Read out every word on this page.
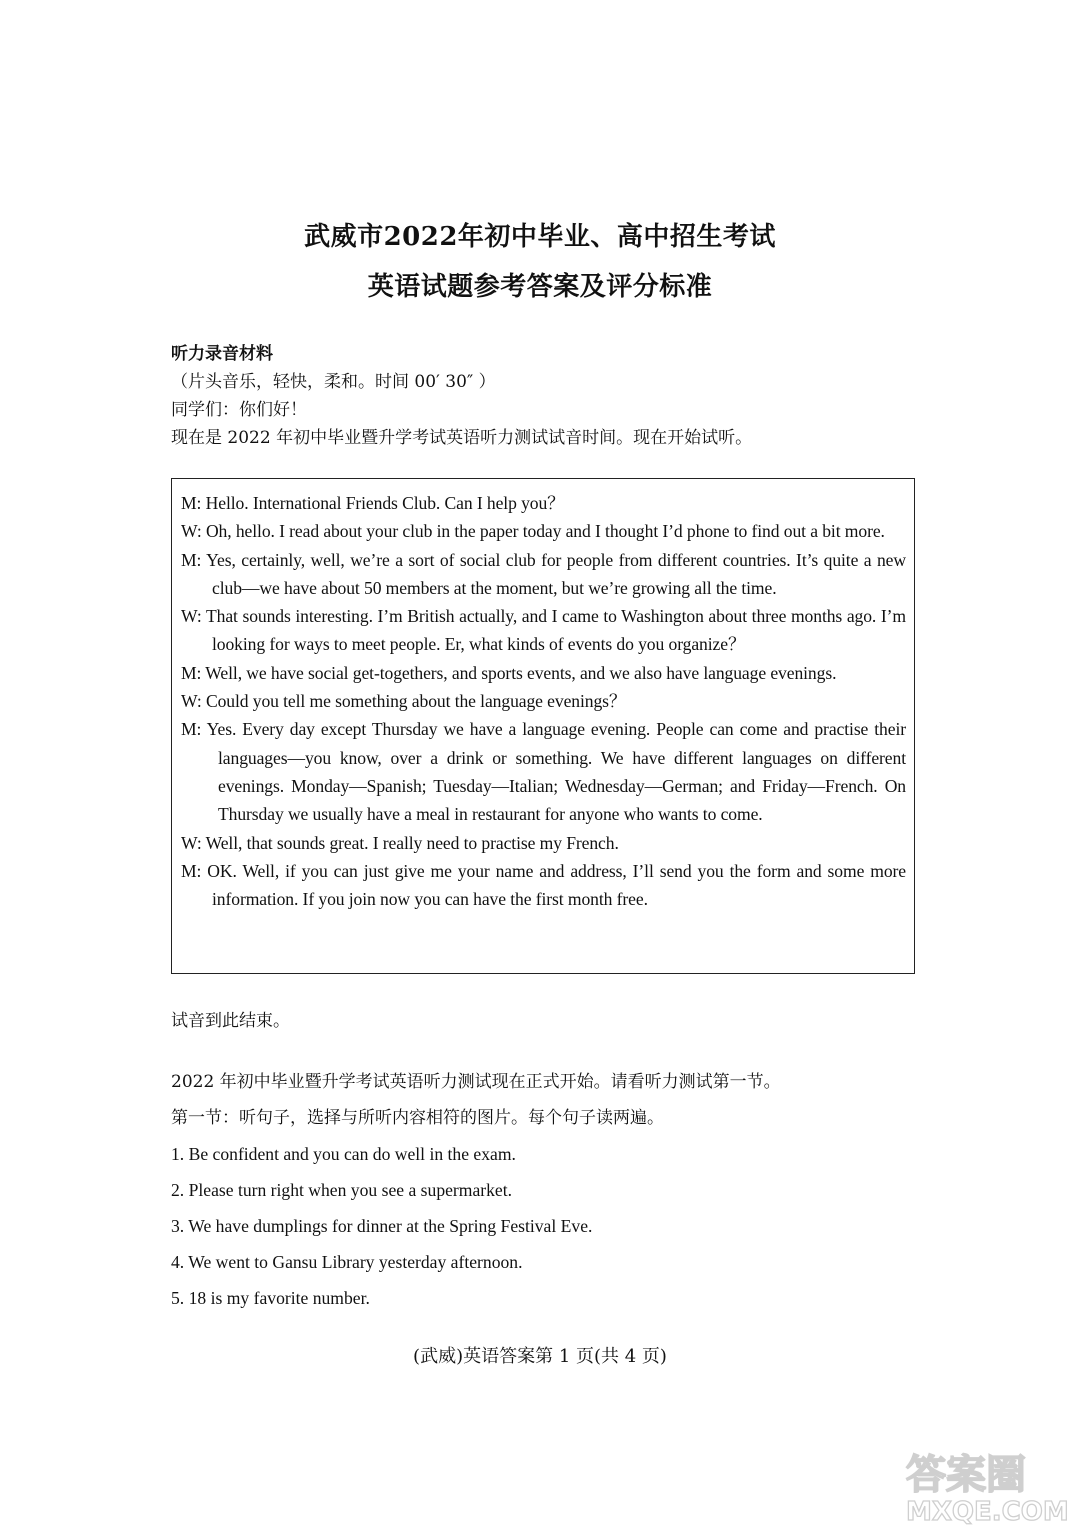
武威市2022年初中毕业、高中招生考试
英语试题参考答案及评分标准
听力录音材料
（片头音乐，轻快，柔和。时间 00′ 30″ ）
同学们：你们好！
现在是 2022 年初中毕业暨升学考试英语听力测试试音时间。现在开始试听。
M: Hello. International Friends Club. Can I help you？
W: Oh, hello. I read about your club in the paper today and I thought I’d phone to find out a bit more.
M: Yes, certainly, well, we’re a sort of social club for people from different countries. It’s quite a new club—we have about 50 members at the moment, but we’re growing all the time.
W: That sounds interesting. I’m British actually, and I came to Washington about three months ago. I’m looking for ways to meet people. Er, what kinds of events do you organize？
M: Well, we have social get-togethers, and sports events, and we also have language evenings.
W: Could you tell me something about the language evenings？
M: Yes. Every day except Thursday we have a language evening. People can come and practise their languages—you know, over a drink or something. We have different languages on different evenings. Monday—Spanish; Tuesday—Italian; Wednesday—German; and Friday—French. On Thursday we usually have a meal in restaurant for anyone who wants to come.
W: Well, that sounds great. I really need to practise my French.
M: OK. Well, if you can just give me your name and address, I’ll send you the form and some more information. If you join now you can have the first month free.
试音到此结束。
2022 年初中毕业暨升学考试英语听力测试现在正式开始。请看听力测试第一节。
第一节：听句子，选择与所听内容相符的图片。每个句子读两遍。
1. Be confident and you can do well in the exam.
2. Please turn right when you see a supermarket.
3. We have dumplings for dinner at the Spring Festival Eve.
4. We went to Gansu Library yesterday afternoon.
5. 18 is my favorite number.
(武威)英语答案第 1 页(共 4 页)
答案圈
MXQE.COM
